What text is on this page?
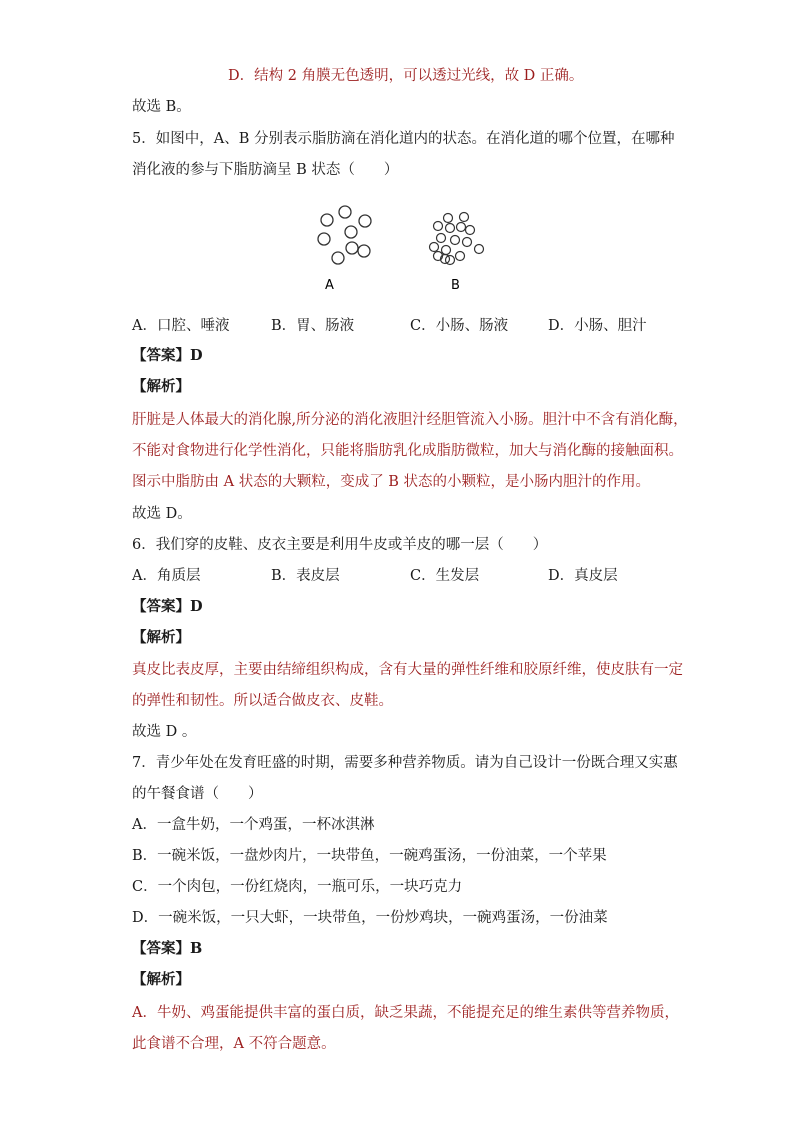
D．结构 2 角膜无色透明，可以透过光线，故 D 正确。
故选 B。
5．如图中，A、B 分别表示脂肪滴在消化道内的状态。在消化道的哪个位置，在哪种
消化液的参与下脂肪滴呈 B 状态（　　）
A	B
A．口腔、唾液	B．胃、肠液	C．小肠、肠液	D．小肠、胆汁
【答案】D
【解析】
肝脏是人体最大的消化腺,所分泌的消化液胆汁经胆管流入小肠。胆汁中不含有消化酶，
不能对食物进行化学性消化，只能将脂肪乳化成脂肪微粒，加大与消化酶的接触面积。
图示中脂肪由 A 状态的大颗粒，变成了 B 状态的小颗粒，是小肠内胆汁的作用。
故选 D。
6．我们穿的皮鞋、皮衣主要是利用牛皮或羊皮的哪一层（　　）
A．角质层	B．表皮层	C．生发层	D．真皮层
【答案】D
【解析】
真皮比表皮厚，主要由结缔组织构成，含有大量的弹性纤维和胶原纤维，使皮肤有一定
的弹性和韧性。所以适合做皮衣、皮鞋。
故选 D 。
7．青少年处在发育旺盛的时期，需要多种营养物质。请为自己设计一份既合理又实惠
的午餐食谱（　　）
A．一盒牛奶，一个鸡蛋，一杯冰淇淋
B．一碗米饭，一盘炒肉片，一块带鱼，一碗鸡蛋汤，一份油菜，一个苹果
C．一个肉包，一份红烧肉，一瓶可乐，一块巧克力
D．一碗米饭，一只大虾，一块带鱼，一份炒鸡块，一碗鸡蛋汤，一份油菜
【答案】B
【解析】
A．牛奶、鸡蛋能提供丰富的蛋白质，缺乏果蔬，不能提充足的维生素供等营养物质，
此食谱不合理，A 不符合题意。
